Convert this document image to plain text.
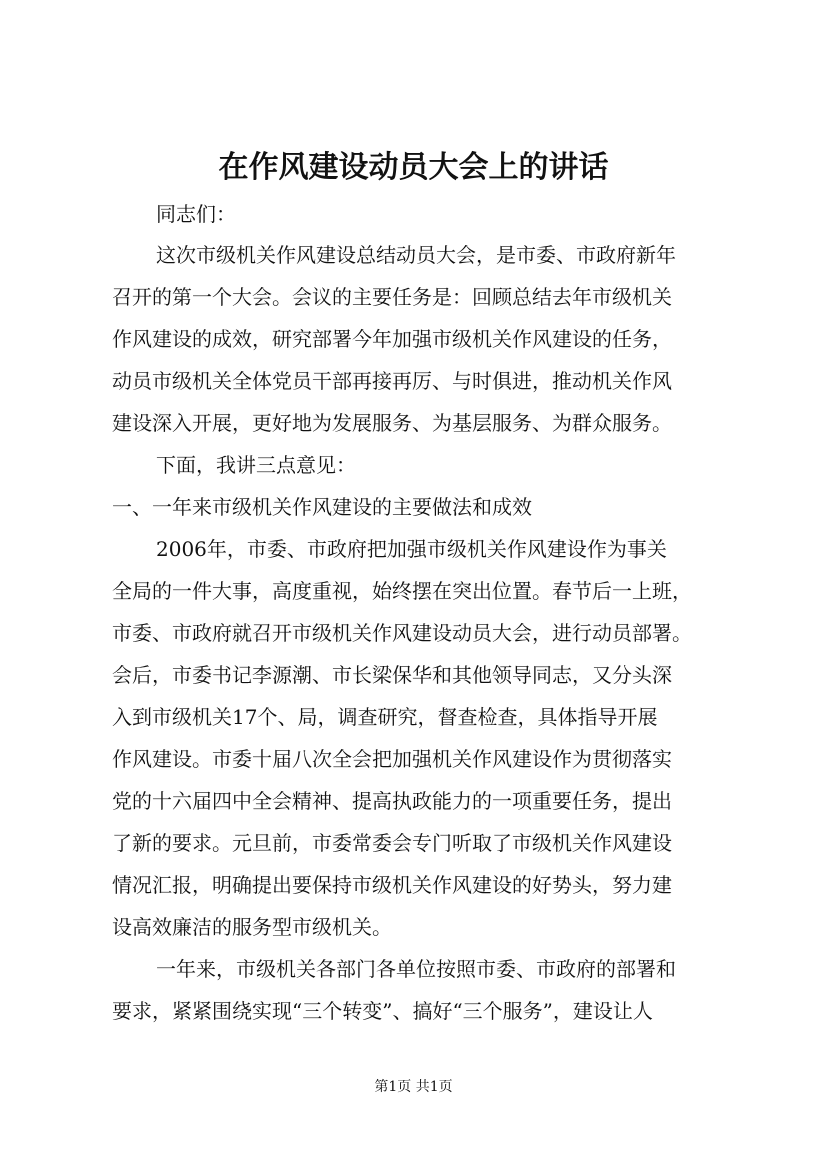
在作风建设动员大会上的讲话
同志们：
这次市级机关作风建设总结动员大会，是市委、市政府新年
召开的第一个大会。会议的主要任务是：回顾总结去年市级机关
作风建设的成效，研究部署今年加强市级机关作风建设的任务，
动员市级机关全体党员干部再接再厉、与时俱进，推动机关作风
建设深入开展，更好地为发展服务、为基层服务、为群众服务。
下面，我讲三点意见：
一、一年来市级机关作风建设的主要做法和成效
2006年，市委、市政府把加强市级机关作风建设作为事关
全局的一件大事，高度重视，始终摆在突出位置。春节后一上班，
市委、市政府就召开市级机关作风建设动员大会，进行动员部署。
会后，市委书记李源潮、市长梁保华和其他领导同志，又分头深
入到市级机关17个、局，调查研究，督查检查，具体指导开展
作风建设。市委十届八次全会把加强机关作风建设作为贯彻落实
党的十六届四中全会精神、提高执政能力的一项重要任务，提出
了新的要求。元旦前，市委常委会专门听取了市级机关作风建设
情况汇报，明确提出要保持市级机关作风建设的好势头，努力建
设高效廉洁的服务型市级机关。
一年来，市级机关各部门各单位按照市委、市政府的部署和
要求，紧紧围绕实现“三个转变”、搞好“三个服务”，建设让人
第1页 共1页
